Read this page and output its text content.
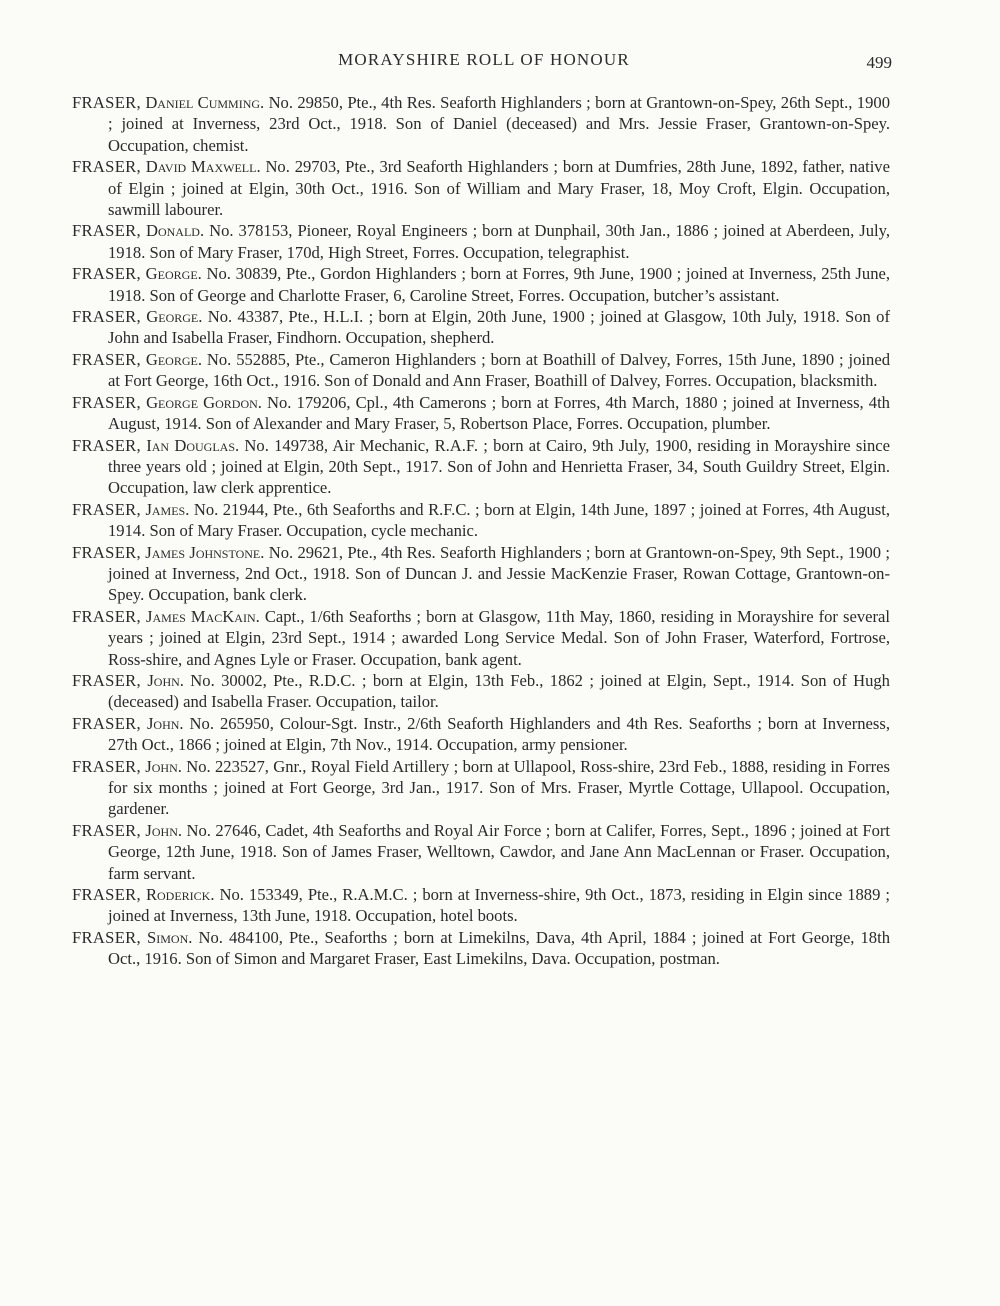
MORAYSHIRE ROLL OF HONOUR	499

FRASER, Daniel Cumming. No. 29850, Pte., 4th Res. Seaforth Highlanders ; born at Grantown-on-Spey, 26th Sept., 1900 ; joined at Inverness, 23rd Oct., 1918. Son of Daniel (deceased) and Mrs. Jessie Fraser, Grantown-on-Spey. Occupation, chemist.

FRASER, David Maxwell. No. 29703, Pte., 3rd Seaforth Highlanders ; born at Dumfries, 28th June, 1892, father, native of Elgin ; joined at Elgin, 30th Oct., 1916. Son of William and Mary Fraser, 18, Moy Croft, Elgin. Occupation, sawmill labourer.

FRASER, Donald. No. 378153, Pioneer, Royal Engineers ; born at Dunphail, 30th Jan., 1886 ; joined at Aberdeen, July, 1918. Son of Mary Fraser, 170d, High Street, Forres. Occupation, telegraphist.

FRASER, George. No. 30839, Pte., Gordon Highlanders ; born at Forres, 9th June, 1900 ; joined at Inverness, 25th June, 1918. Son of George and Charlotte Fraser, 6, Caroline Street, Forres. Occupation, butcher’s assistant.

FRASER, George. No. 43387, Pte., H.L.I. ; born at Elgin, 20th June, 1900 ; joined at Glasgow, 10th July, 1918. Son of John and Isabella Fraser, Findhorn. Occupation, shepherd.

FRASER, George. No. 552885, Pte., Cameron Highlanders ; born at Boathill of Dalvey, Forres, 15th June, 1890 ; joined at Fort George, 16th Oct., 1916. Son of Donald and Ann Fraser, Boathill of Dalvey, Forres. Occupation, blacksmith.

FRASER, George Gordon. No. 179206, Cpl., 4th Camerons ; born at Forres, 4th March, 1880 ; joined at Inverness, 4th August, 1914. Son of Alexander and Mary Fraser, 5, Robertson Place, Forres. Occupation, plumber.

FRASER, Ian Douglas. No. 149738, Air Mechanic, R.A.F. ; born at Cairo, 9th July, 1900, residing in Morayshire since three years old ; joined at Elgin, 20th Sept., 1917. Son of John and Henrietta Fraser, 34, South Guildry Street, Elgin. Occupation, law clerk apprentice.

FRASER, James. No. 21944, Pte., 6th Seaforths and R.F.C. ; born at Elgin, 14th June, 1897 ; joined at Forres, 4th August, 1914. Son of Mary Fraser. Occupation, cycle mechanic.

FRASER, James Johnstone. No. 29621, Pte., 4th Res. Seaforth Highlanders ; born at Grantown-on-Spey, 9th Sept., 1900 ; joined at Inverness, 2nd Oct., 1918. Son of Duncan J. and Jessie MacKenzie Fraser, Rowan Cottage, Grantown-on-Spey. Occupation, bank clerk.

FRASER, James MacKain. Capt., 1/6th Seaforths ; born at Glasgow, 11th May, 1860, residing in Morayshire for several years ; joined at Elgin, 23rd Sept., 1914 ; awarded Long Service Medal. Son of John Fraser, Waterford, Fortrose, Ross-shire, and Agnes Lyle or Fraser. Occupation, bank agent.

FRASER, John. No. 30002, Pte., R.D.C. ; born at Elgin, 13th Feb., 1862 ; joined at Elgin, Sept., 1914. Son of Hugh (deceased) and Isabella Fraser. Occupation, tailor.

FRASER, John. No. 265950, Colour-Sgt. Instr., 2/6th Seaforth Highlanders and 4th Res. Seaforths ; born at Inverness, 27th Oct., 1866 ; joined at Elgin, 7th Nov., 1914. Occupation, army pensioner.

FRASER, John. No. 223527, Gnr., Royal Field Artillery ; born at Ullapool, Ross-shire, 23rd Feb., 1888, residing in Forres for six months ; joined at Fort George, 3rd Jan., 1917. Son of Mrs. Fraser, Myrtle Cottage, Ullapool. Occupation, gardener.

FRASER, John. No. 27646, Cadet, 4th Seaforths and Royal Air Force ; born at Califer, Forres, Sept., 1896 ; joined at Fort George, 12th June, 1918. Son of James Fraser, Welltown, Cawdor, and Jane Ann MacLennan or Fraser. Occupation, farm servant.

FRASER, Roderick. No. 153349, Pte., R.A.M.C. ; born at Inverness-shire, 9th Oct., 1873, residing in Elgin since 1889 ; joined at Inverness, 13th June, 1918. Occupation, hotel boots.

FRASER, Simon. No. 484100, Pte., Seaforths ; born at Limekilns, Dava, 4th April, 1884 ; joined at Fort George, 18th Oct., 1916. Son of Simon and Margaret Fraser, East Limekilns, Dava. Occupation, postman.
